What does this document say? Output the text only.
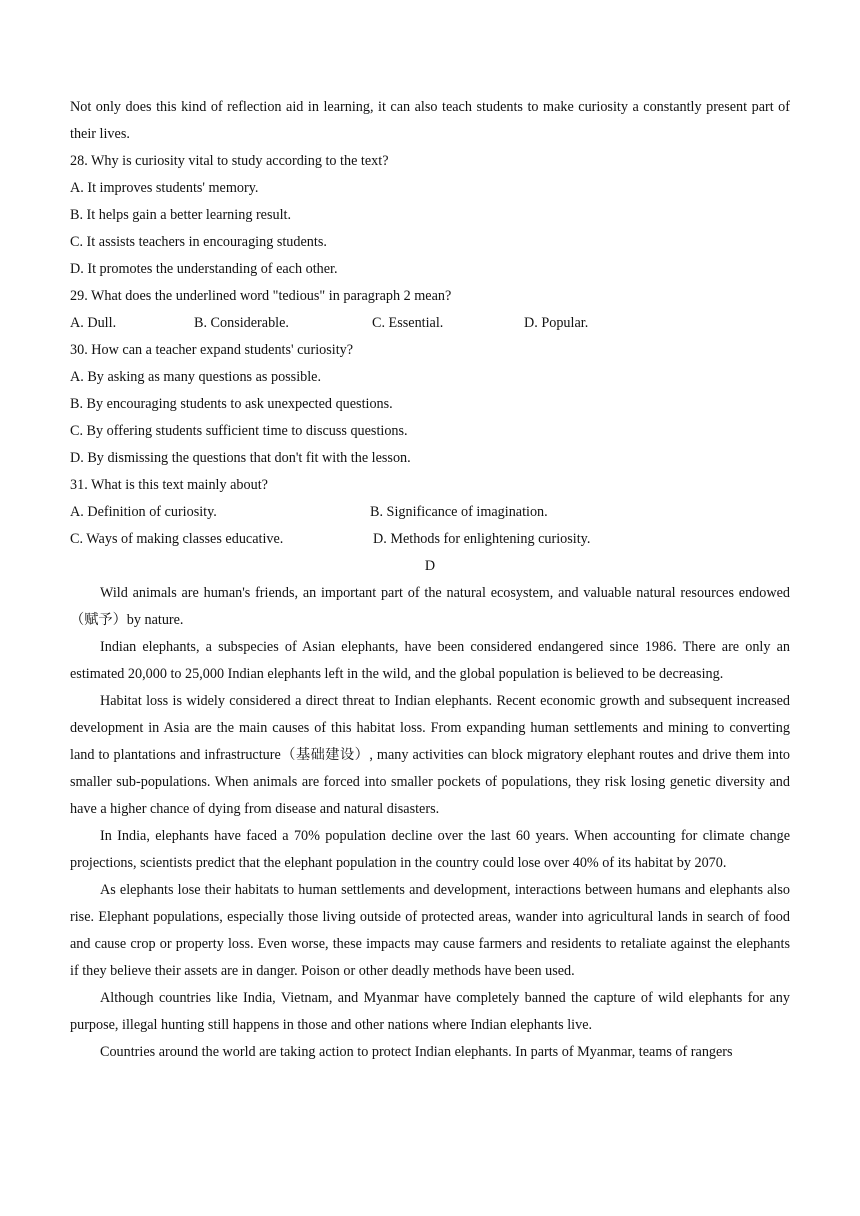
Not only does this kind of reflection aid in learning, it can also teach students to make curiosity a constantly present part of their lives.

28. Why is curiosity vital to study according to the text?

A. It improves students' memory.

B. It helps gain a better learning result.

C. It assists teachers in encouraging students.

D. It promotes the understanding of each other.

29. What does the underlined word "tedious" in paragraph 2 mean?

A. Dull.	B. Considerable.	C. Essential.	D. Popular.

30. How can a teacher expand students' curiosity?

A. By asking as many questions as possible.

B. By encouraging students to ask unexpected questions.

C. By offering students sufficient time to discuss questions.

D. By dismissing the questions that don't fit with the lesson.

31. What is this text mainly about?

A. Definition of curiosity.	B. Significance of imagination.
C. Ways of making classes educative.	D. Methods for enlightening curiosity.

D

Wild animals are human's friends, an important part of the natural ecosystem, and valuable natural resources endowed（赋予）by nature.

Indian elephants, a subspecies of Asian elephants, have been considered endangered since 1986. There are only an estimated 20,000 to 25,000 Indian elephants left in the wild, and the global population is believed to be decreasing.

Habitat loss is widely considered a direct threat to Indian elephants. Recent economic growth and subsequent increased development in Asia are the main causes of this habitat loss. From expanding human settlements and mining to converting land to plantations and infrastructure（基础建设）, many activities can block migratory elephant routes and drive them into smaller sub-populations. When animals are forced into smaller pockets of populations, they risk losing genetic diversity and have a higher chance of dying from disease and natural disasters.

In India, elephants have faced a 70% population decline over the last 60 years. When accounting for climate change projections, scientists predict that the elephant population in the country could lose over 40% of its habitat by 2070.

As elephants lose their habitats to human settlements and development, interactions between humans and elephants also rise. Elephant populations, especially those living outside of protected areas, wander into agricultural lands in search of food and cause crop or property loss. Even worse, these impacts may cause farmers and residents to retaliate against the elephants if they believe their assets are in danger. Poison or other deadly methods have been used.

Although countries like India, Vietnam, and Myanmar have completely banned the capture of wild elephants for any purpose, illegal hunting still happens in those and other nations where Indian elephants live.

Countries around the world are taking action to protect Indian elephants. In parts of Myanmar, teams of rangers
